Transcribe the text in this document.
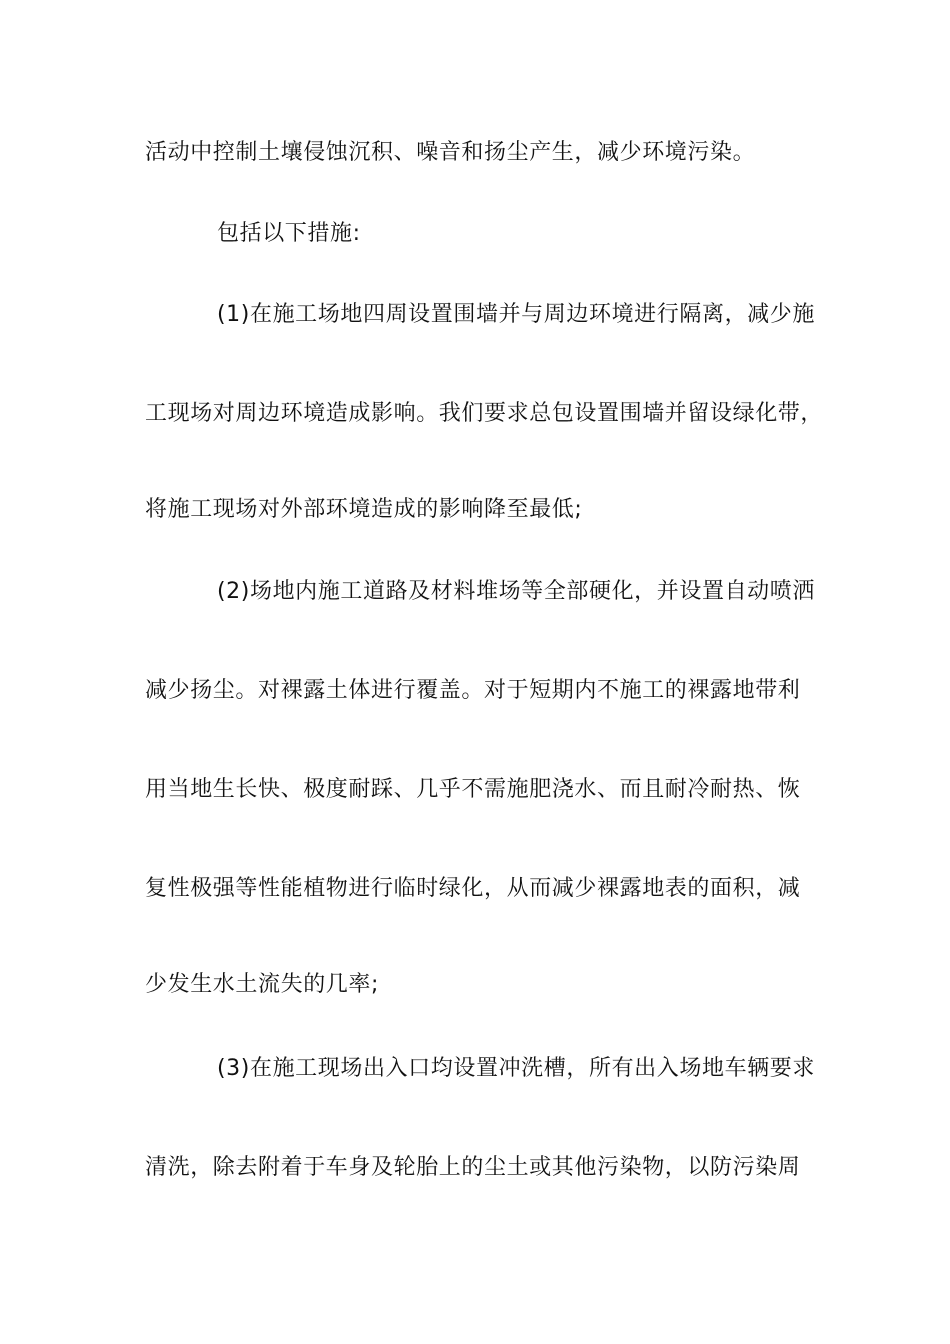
活动中控制土壤侵蚀沉积、噪音和扬尘产生，减少环境污染。
包括以下措施:
(1)在施工场地四周设置围墙并与周边环境进行隔离，减少施
工现场对周边环境造成影响。我们要求总包设置围墙并留设绿化带，
将施工现场对外部环境造成的影响降至最低;
(2)场地内施工道路及材料堆场等全部硬化，并设置自动喷洒
减少扬尘。对裸露土体进行覆盖。对于短期内不施工的裸露地带利
用当地生长快、极度耐踩、几乎不需施肥浇水、而且耐冷耐热、恢
复性极强等性能植物进行临时绿化，从而减少裸露地表的面积，减
少发生水土流失的几率;
(3)在施工现场出入口均设置冲洗槽，所有出入场地车辆要求
清洗，除去附着于车身及轮胎上的尘土或其他污染物，以防污染周
